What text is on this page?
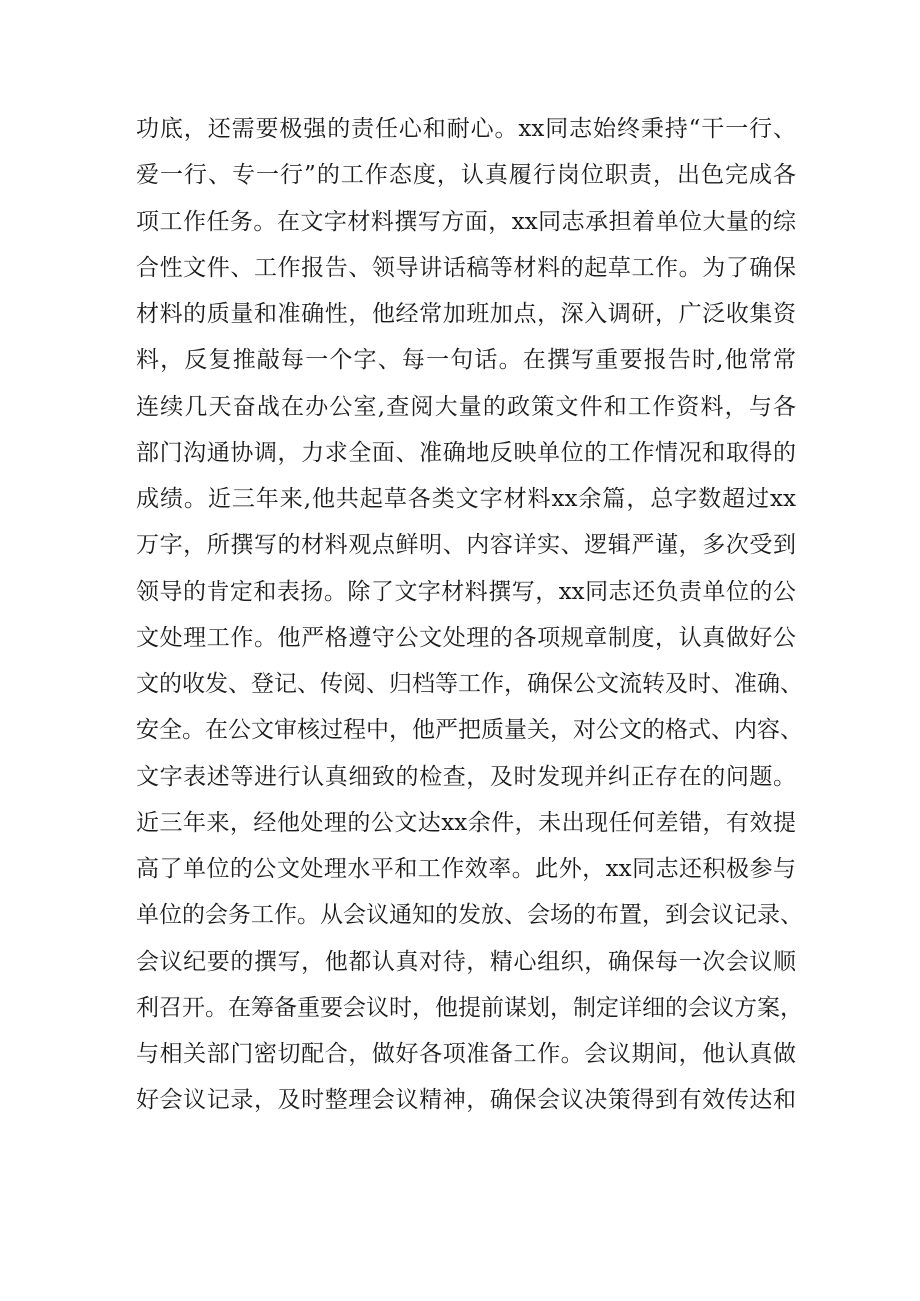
功底，还需要极强的责任心和耐心。xx同志始终秉持“干一行、
爱一行、专一行”的工作态度，认真履行岗位职责，出色完成各
项工作任务。在文字材料撰写方面，xx同志承担着单位大量的综
合性文件、工作报告、领导讲话稿等材料的起草工作。为了确保
材料的质量和准确性，他经常加班加点，深入调研，广泛收集资
料，反复推敲每一个字、每一句话。在撰写重要报告时,他常常
连续几天奋战在办公室,查阅大量的政策文件和工作资料，与各
部门沟通协调，力求全面、准确地反映单位的工作情况和取得的
成绩。近三年来,他共起草各类文字材料xx余篇，总字数超过xx
万字，所撰写的材料观点鲜明、内容详实、逻辑严谨，多次受到
领导的肯定和表扬。除了文字材料撰写，xx同志还负责单位的公
文处理工作。他严格遵守公文处理的各项规章制度，认真做好公
文的收发、登记、传阅、归档等工作，确保公文流转及时、准确、
安全。在公文审核过程中，他严把质量关，对公文的格式、内容、
文字表述等进行认真细致的检查，及时发现并纠正存在的问题。
近三年来，经他处理的公文达xx余件，未出现任何差错，有效提
高了单位的公文处理水平和工作效率。此外，xx同志还积极参与
单位的会务工作。从会议通知的发放、会场的布置，到会议记录、
会议纪要的撰写，他都认真对待，精心组织，确保每一次会议顺
利召开。在筹备重要会议时，他提前谋划，制定详细的会议方案，
与相关部门密切配合，做好各项准备工作。会议期间，他认真做
好会议记录，及时整理会议精神，确保会议决策得到有效传达和
